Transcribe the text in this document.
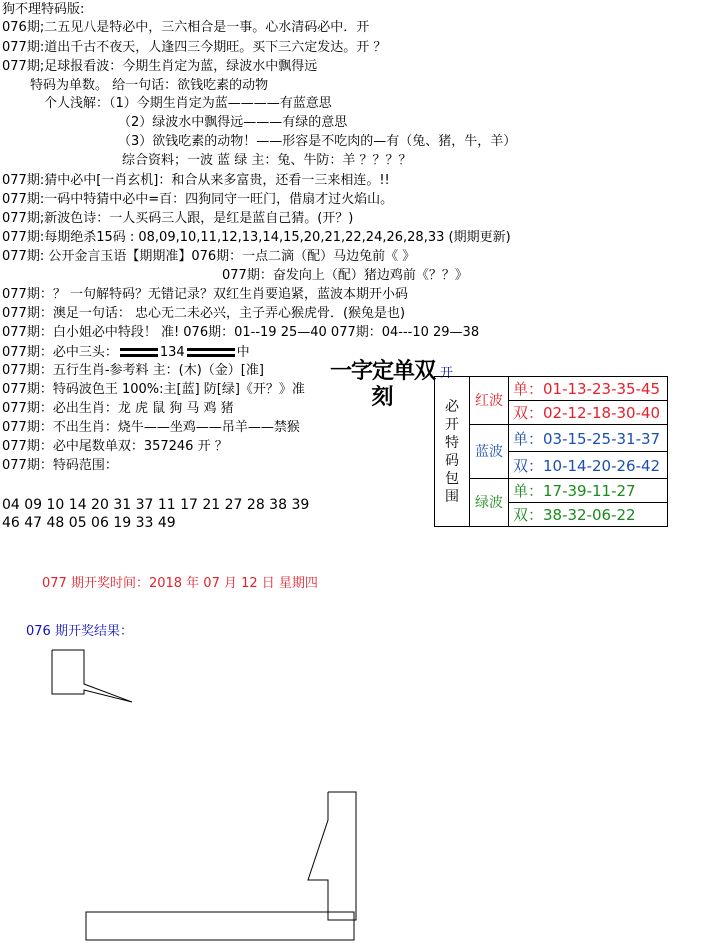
狗不理特码版:
076期;二五见八是特必中，三六相合是一事。心水清码必中．开
077期:道出千古不夜天，人逢四三今期旺。买下三六定发达。开 ？
077期;足球报看波：今期生肖定为蓝，绿波水中飘得远
特码为单数。 给一句话：欲钱吃素的动物
个人浅解：（1）今期生肖定为蓝————有蓝意思
（2）绿波水中飘得远———有绿的意思
（3）欲钱吃素的动物！——形容是不吃肉的—有（兔、猪，牛，羊）
综合资料；一波 蓝 绿 主：兔、牛防：羊 ？？？？
077期:猜中必中[一肖玄机]：和合从来多富贵，还看一三来相连。!!
077期:一码中特猜中必中=百：四狗同守一旺门，借扇才过火焰山。
077期;新波色诗：一人买码三人跟，是红是蓝自己猜。(开？)
077期:每期绝杀15码 : 08,09,10,11,12,13,14,15,20,21,22,24,26,28,33 (期期更新)
077期: 公开金言玉语【期期准】076期：一点二滴（配）马边兔前《 》
077期：奋发向上（配）猪边鸡前《？？》
077期：？ 一句解特码？无错记录？双红生肖要追紧，蓝波本期开小码
077期：澳足一句话： 忠心无二未必兴，主子弄心猴虎骨．(猴兔是也)
077期：白小姐必中特段！ 准! 076期：01--19 25—40 077期：04---10 29—38
077期：必中三头：	134	中
077期：五行生肖-参考料 主：(木)（金）[准]
077期：特码波色王 100%:主[蓝] 防[绿]《开？》准
077期：必出生肖：龙 虎 鼠 狗 马 鸡 猪
077期：不出生肖：烧牛——坐鸡——吊羊——禁猴
077期：必中尾数单双：357246 开 ？
077期：特码范围：
04 09 10 14 20 31 37 11 17 21 27 28 38 39
46 47 48 05 06 19 33 49
一字定单双
刻
开
必开特码包围	红波	单：01-13-23-35-45
		双：02-12-18-30-40
	蓝波	单：03-15-25-31-37
		双：10-14-20-26-42
	绿波	单：17-39-11-27
		双：38-32-06-22
077 期开奖时间：2018 年 07 月 12 日 星期四
076 期开奖结果：
